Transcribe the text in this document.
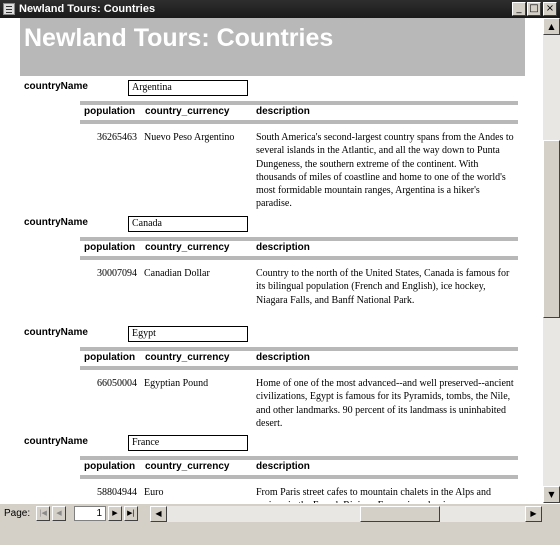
Newland Tours: Countries	_ □ ×
Newland Tours: Countries
countryName	Argentina
population country_currency	description
36265463 Nuevo Peso Argentino	South America's second-largest country spans from the Andes to several islands in the Atlantic, and all the way down to Punta Dungeness, the southern extreme of the continent. With thousands of miles of coastline and home to one of the world's most formidable mountain ranges, Argentina is a hiker's paradise.
countryName	Canada
population country_currency	description
30007094 Canadian Dollar	Country to the north of the United States, Canada is famous for its bilingual population (French and English), ice hockey, Niagara Falls, and Banff National Park.
countryName	Egypt
population country_currency	description
66050004 Egyptian Pound	Home of one of the most advanced--and well preserved--ancient civilizations, Egypt is famous for its Pyramids, tombs, the Nile, and other landmarks. 90 percent of its landmass is uninhabited desert.
countryName	France
population country_currency	description
58804944 Euro	From Paris street cafes to mountain chalets in the Alps and
▲
▼
Page:	|◀	◀	1	▶	▶|	◀	▶
